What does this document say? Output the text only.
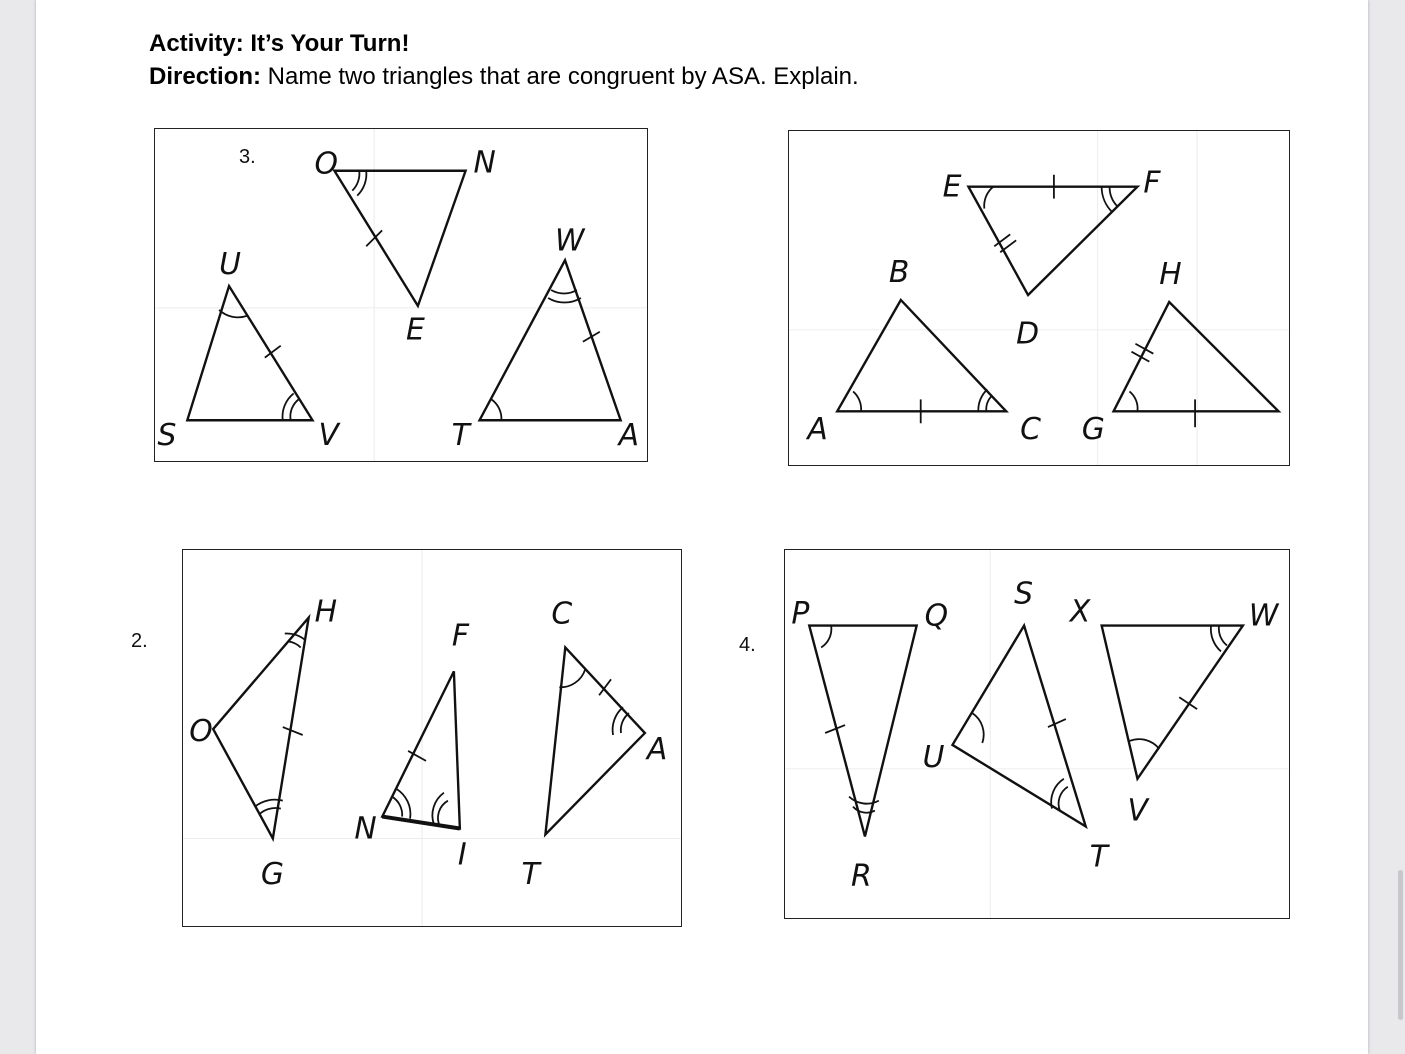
Activity: It’s Your Turn!
Direction: Name two triangles that are congruent by ASA. Explain.
O	N
E
U
W
S	V	T	A
3.
E	F
D
B	H
A	C G
H
F
C
O
A
N
G
I
T
2.
P	Q
S
X	W
U
V
T
R
4.
